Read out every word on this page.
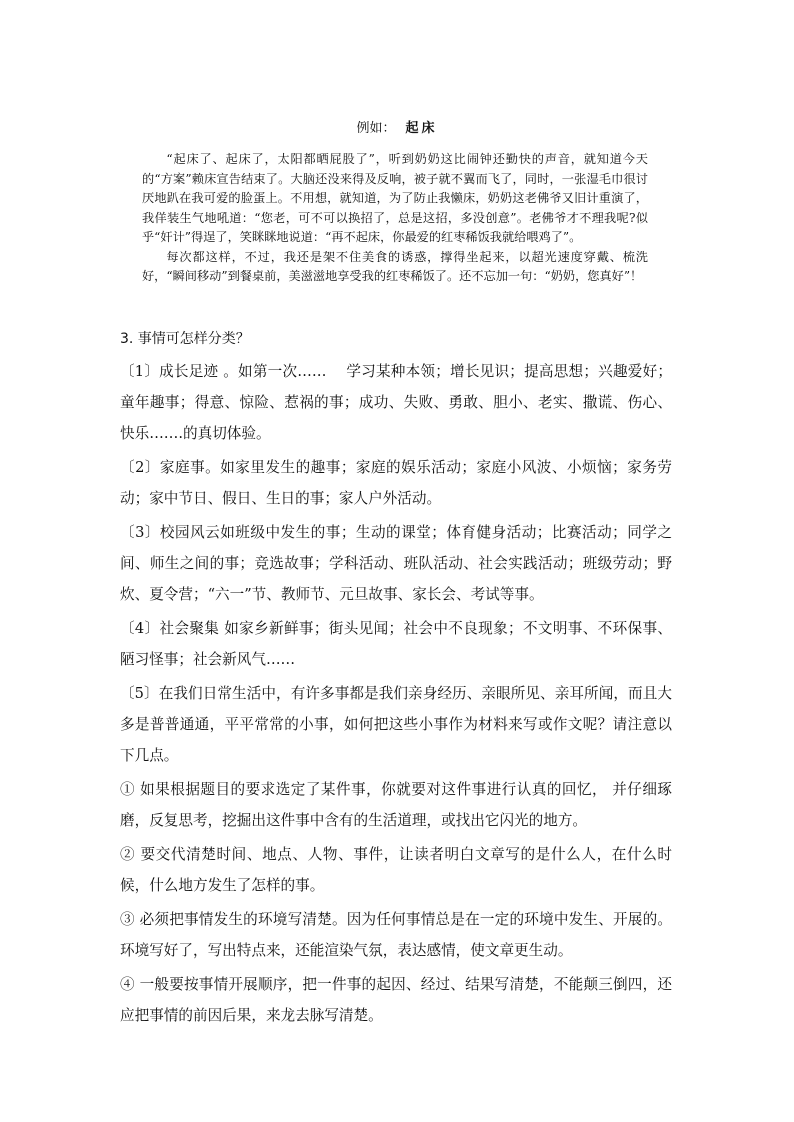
例如： 起床

“起床了、起床了，太阳都晒屁股了”，听到奶奶这比闹钟还勤快的声音，就知道今天的“方案”赖床宣告结束了。大脑还没来得及反响，被子就不翼而飞了，同时，一张湿毛巾很讨厌地趴在我可爱的脸蛋上。不用想，就知道，为了防止我懒床，奶奶这老佛爷又旧计重演了，我佯装生气地吼道：“您老，可不可以换招了，总是这招，多没创意”。老佛爷才不理我呢?似乎“奸计”得逞了，笑眯眯地说道：“再不起床，你最爱的红枣稀饭我就给喂鸡了”。

每次都这样，不过，我还是架不住美食的诱惑，撑得坐起来，以超光速度穿戴、梳洗好，“瞬间移动”到餐桌前，美滋滋地享受我的红枣稀饭了。还不忘加一句：“奶奶，您真好”！

3. 事情可怎样分类？

〔1〕成长足迹 。如第一次……　 学习某种本领；增长见识；提高思想；兴趣爱好；童年趣事；得意、惊险、惹祸的事；成功、失败、勇敢、胆小、老实、撒谎、伤心、快乐…….的真切体验。

〔2〕家庭事。如家里发生的趣事；家庭的娱乐活动；家庭小风波、小烦恼；家务劳动；家中节日、假日、生日的事；家人户外活动。

〔3〕校园风云如班级中发生的事；生动的课堂；体育健身活动；比赛活动；同学之间、师生之间的事；竞选故事；学科活动、班队活动、社会实践活动；班级劳动；野炊、夏令营；“六一”节、教师节、元旦故事、家长会、考试等事。

〔4〕社会聚集 如家乡新鲜事；街头见闻；社会中不良现象；不文明事、不环保事、陋习怪事；社会新风气……

〔5〕在我们日常生活中，有许多事都是我们亲身经历、亲眼所见、亲耳所闻，而且大多是普普通通，平平常常的小事，如何把这些小事作为材料来写或作文呢？请注意以下几点。

① 如果根据题目的要求选定了某件事，你就要对这件事进行认真的回忆， 并仔细琢磨，反复思考，挖掘出这件事中含有的生活道理，或找出它闪光的地方。

② 要交代清楚时间、地点、人物、事件，让读者明白文章写的是什么人，在什么时候，什么地方发生了怎样的事。

③ 必须把事情发生的环境写清楚。因为任何事情总是在一定的环境中发生、开展的。环境写好了，写出特点来，还能渲染气氛，表达感情，使文章更生动。

④ 一般要按事情开展顺序，把一件事的起因、经过、结果写清楚，不能颠三倒四，还应把事情的前因后果，来龙去脉写清楚。
